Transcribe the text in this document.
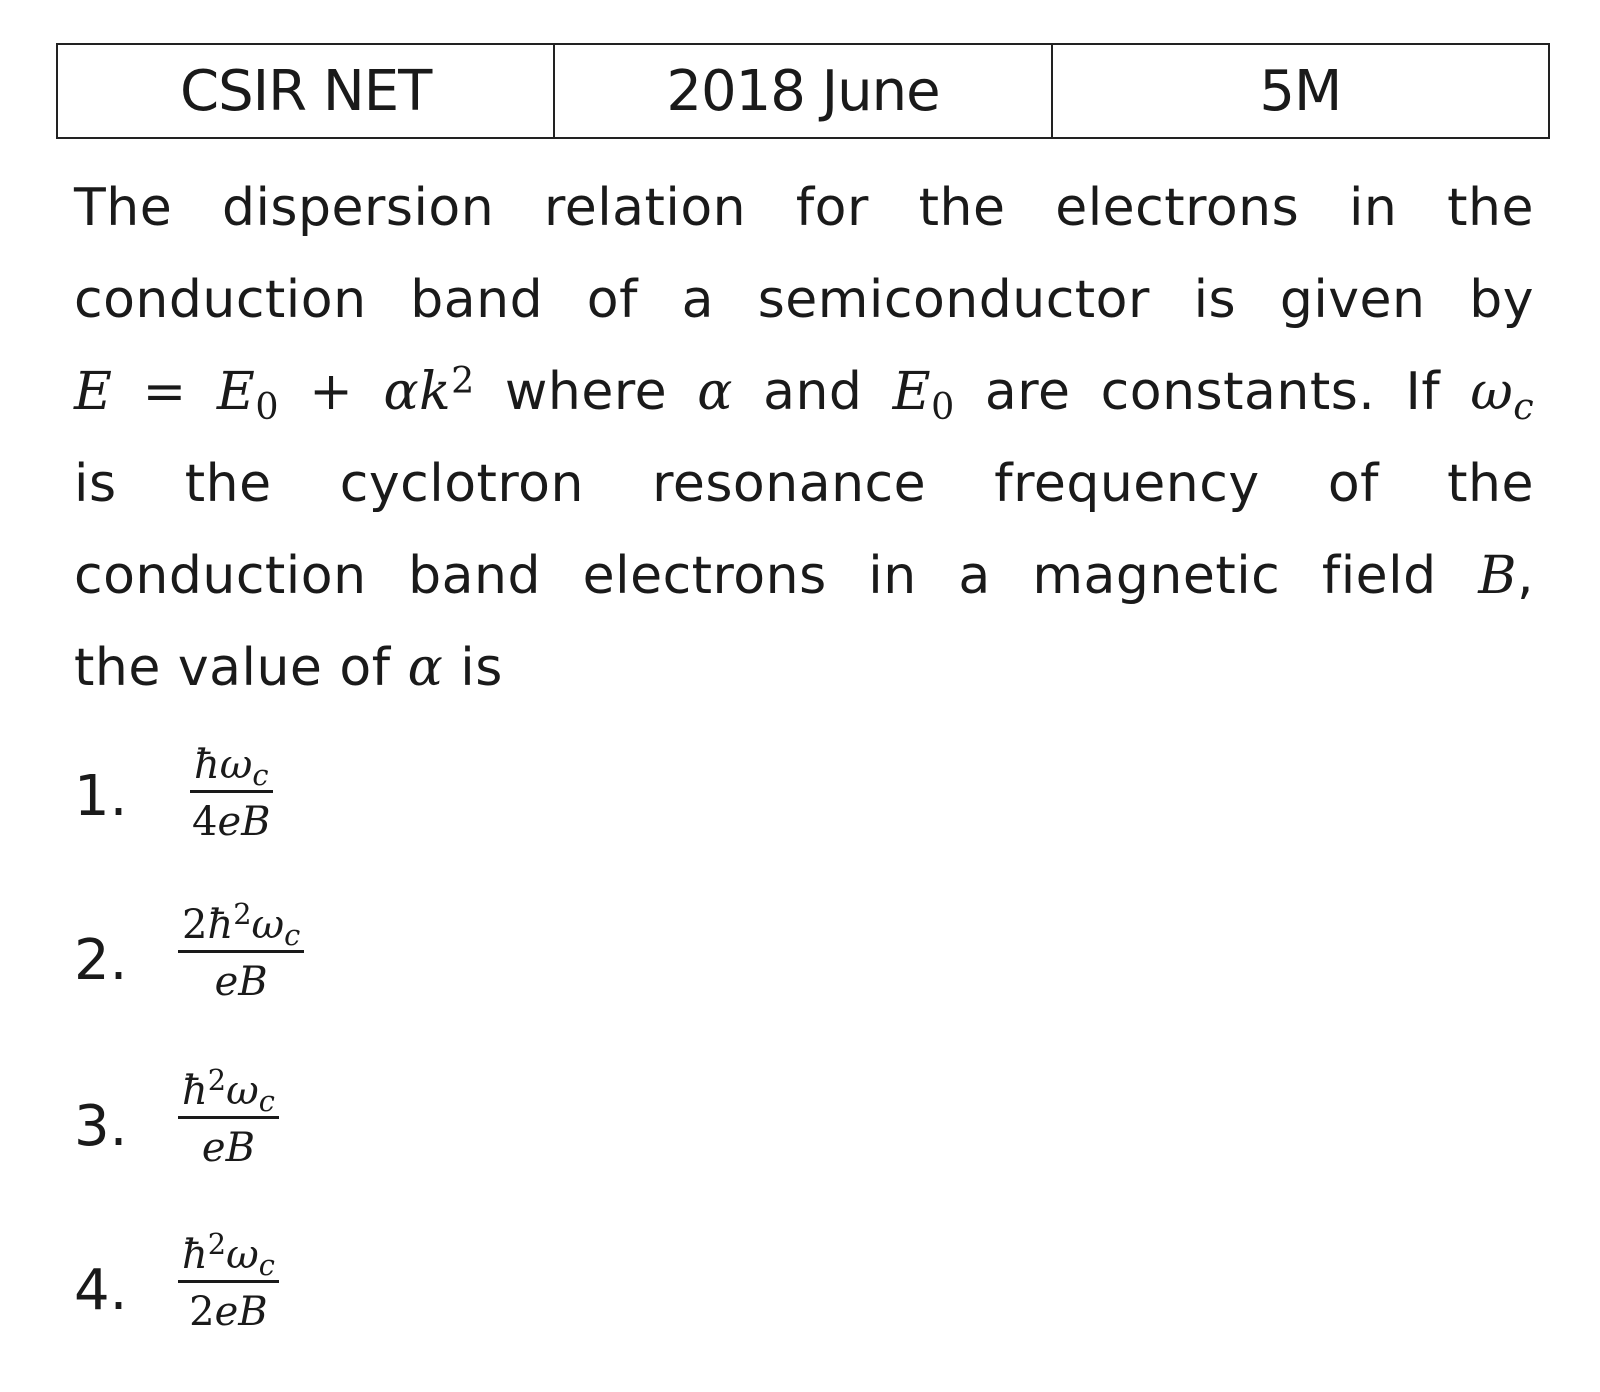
CSIR NET	2018 June	5M
The dispersion relation for the electrons in the
conduction band of a semiconductor is given by
$E = E0 + \alpha k^2$ where α and E0 are constants. If ωc
is the cyclotron resonance frequency of the
conduction band electrons in a magnetic field B,
the value of α is
1. ħωc
4eB
2. $\frac{2ħ^2\omega c}{eB}$
3. $\frac{ħ^2\omega c}{eB}$
4. $\frac{ħ^2\omega c}{2eB}$
